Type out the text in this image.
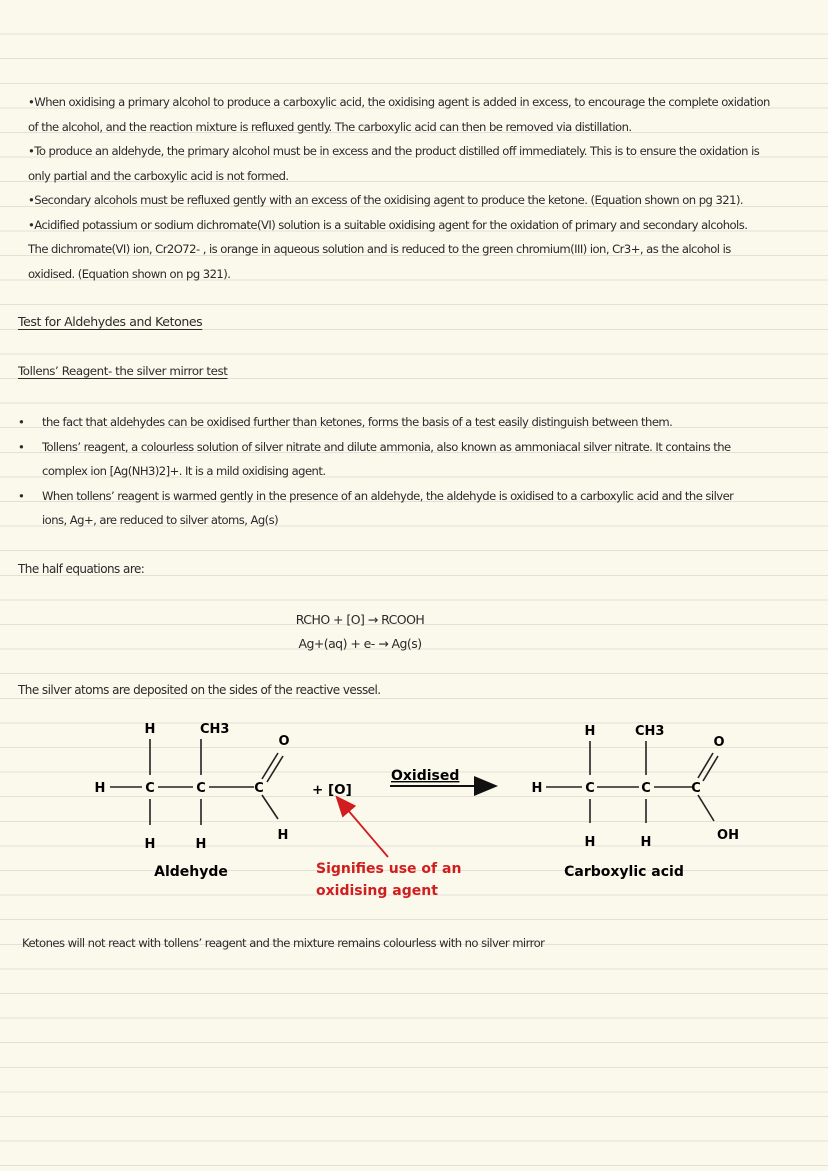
•When oxidising a primary alcohol to produce a carboxylic acid, the oxidising agent is added in excess, to encourage the complete oxidation
of the alcohol, and the reaction mixture is refluxed gently. The carboxylic acid can then be removed via distillation.
•To produce an aldehyde, the primary alcohol must be in excess and the product distilled off immediately. This is to ensure the oxidation is
only partial and the carboxylic acid is not formed.
•Secondary alcohols must be refluxed gently with an excess of the oxidising agent to produce the ketone. (Equation shown on pg 321).
•Acidified potassium or sodium dichromate(VI) solution is a suitable oxidising agent for the oxidation of primary and secondary alcohols.
The dichromate(VI) ion, Cr2O72- , is orange in aqueous solution and is reduced to the green chromium(III) ion, Cr3+, as the alcohol is
oxidised. (Equation shown on pg 321).
Test for Aldehydes and Ketones
Tollens’ Reagent- the silver mirror test
• the fact that aldehydes can be oxidised further than ketones, forms the basis of a test easily distinguish between them.
• Tollens’ reagent, a colourless solution of silver nitrate and dilute ammonia, also known as ammoniacal silver nitrate. It contains the
complex ion [Ag(NH3)2]+. It is a mild oxidising agent.
• When tollens’ reagent is warmed gently in the presence of an aldehyde, the aldehyde is oxidised to a carboxylic acid and the silver
ions, Ag+, are reduced to silver atoms, Ag(s)
The half equations are:
RCHO + [O] → RCOOH
Ag+(aq) + e- → Ag(s)
The silver atoms are deposited on the sides of the reactive vessel.
H	CH3
O
H	C	C	C
H	H
H
Aldehyde
+ [O]
Oxidised
Signifies use of an
oxidising agent
H	CH3
O
H	C	C	C
H	H	OH
Carboxylic acid
Ketones will not react with tollens’ reagent and the mixture remains colourless with no silver mirror
